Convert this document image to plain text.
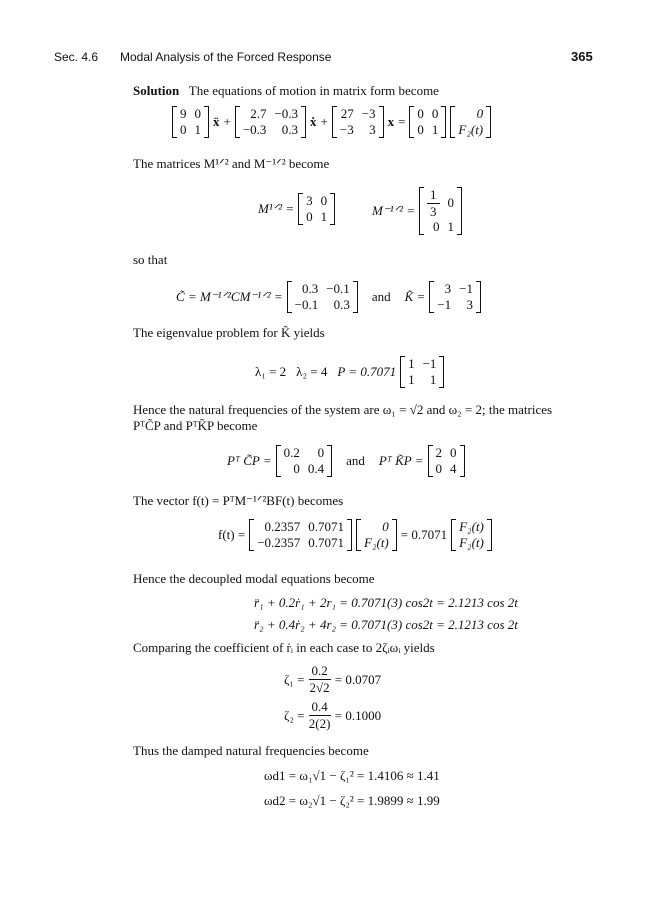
Sec. 4.6 Modal Analysis of the Forced Response	365
Solution The equations of motion in matrix form become
9 0
0 1
ẍ +
2.7 −0.3
−0.3	0.3
ẋ +
27 −3
−3	3
x =
0 0
0 1
0
F₂(t)
The matrices M¹ᐟ² and M⁻¹ᐟ² become
M¹ᐟ² =
3 0
0 1	M⁻¹ᐟ² = $\frac{1}{3} 0$
0 1
so that
C̃ = M⁻¹ᐟ²CM⁻¹ᐟ² =
0.3 −0.1
−0.1	0.3
and K̃ =
3 −1
−1	3
The eigenvalue problem for K̃ yields
λ₁ = 2 λ₂ = 4 P = 0.7071
1 −1
1	1
Hence the natural frequencies of the system are ω₁ = √2 and ω₂ = 2; the matrices
PᵀC̃P and PᵀK̃P become
Pᵀ C̃P =
0.2	0
0 0.4
and Pᵀ K̃P =
2 0
0 4
The vector f(t) = PᵀM⁻¹ᐟ²BF(t) becomes
f(t) =
0.2357 0.7071
−0.2357 0.7071
0
F₂(t)
= 0.7071
F₂(t)
F₂(t)
Hence the decoupled modal equations become
r̈₁ + 0.2ṙ₁ + 2r₁ = 0.7071(3) cos2t = 2.1213 cos 2t
r̈₂ + 0.4ṙ₂ + 4r₂ = 0.7071(3) cos2t = 2.1213 cos 2t
Comparing the coefficient of ṙᵢ in each case to 2ζᵢωᵢ yields
$\zeta_1 = \frac{0.2}{2√2} = 0.0707$
$\zeta_2 = \frac{0.4}{2(2)} = 0.1000$
Thus the damped natural frequencies become
ωd1 = ω₁√1 − ζ₁² = 1.4106 ≈ 1.41
ωd2 = ω₂√1 − ζ₂² = 1.9899 ≈ 1.99
